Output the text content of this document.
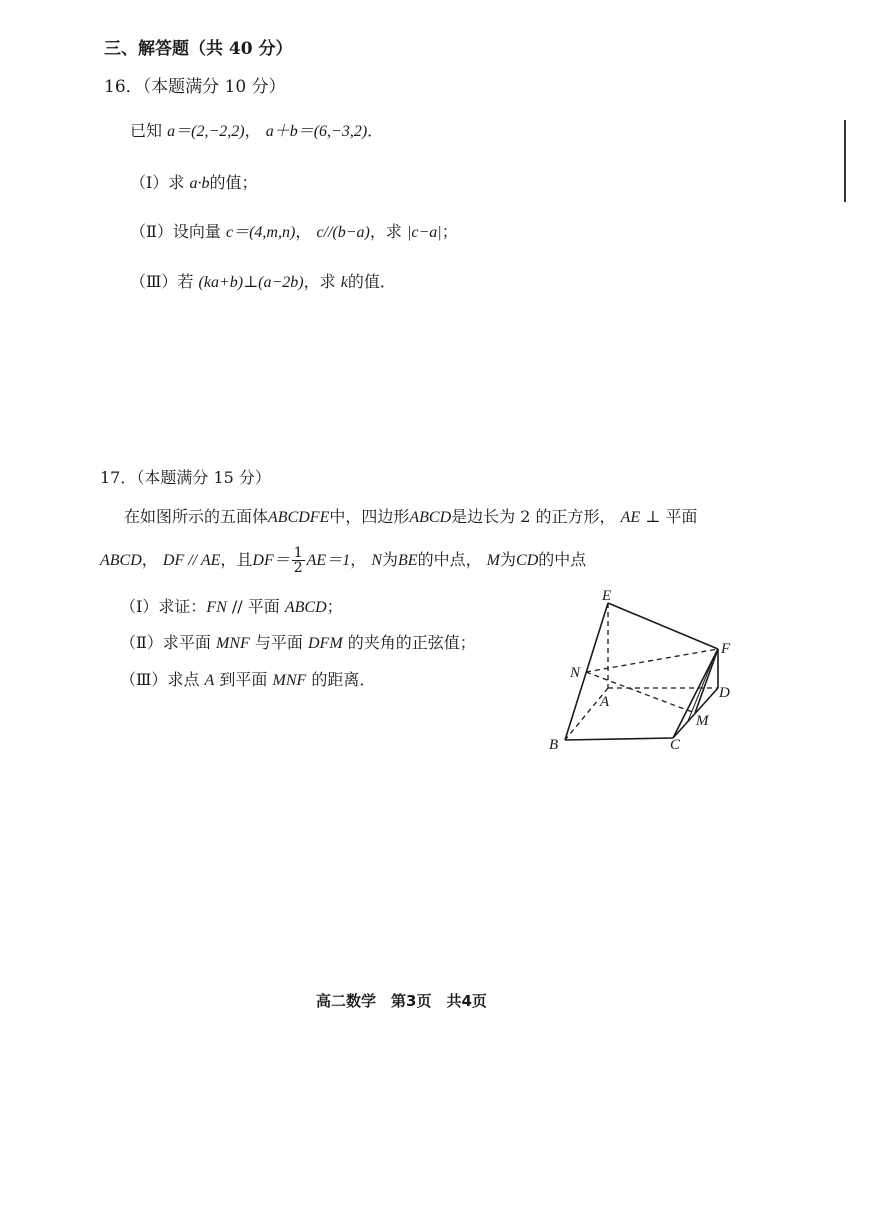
三、解答题（共 40 分）
16．（本题满分 10 分）
已知 a＝(2,−2,2)， a＋b＝(6,−3,2)．
（Ⅰ）求 a·b的值；
（Ⅱ）设向量 c＝(4,m,n)， c//(b−a)，求 |c−a|；
（Ⅲ）若 (ka+b)⊥(a−2b)，求 k的值．
17．（本题满分 15 分）
在如图所示的五面体ABCDFE中，四边形ABCD是边长为 2 的正方形， AE ⊥ 平面
ABCD， DF // AE，且$DF= \frac{1}{2} AE=1$， N为BE的中点， M为CD的中点
（Ⅰ）求证：FN // 平面 ABCD；
（Ⅱ）求平面 MNF 与平面 DFM 的夹角的正弦值；
（Ⅲ）求点 A 到平面 MNF 的距离．
E
F
N
A
D
M
B	C
高二数学　第3页　共4页
